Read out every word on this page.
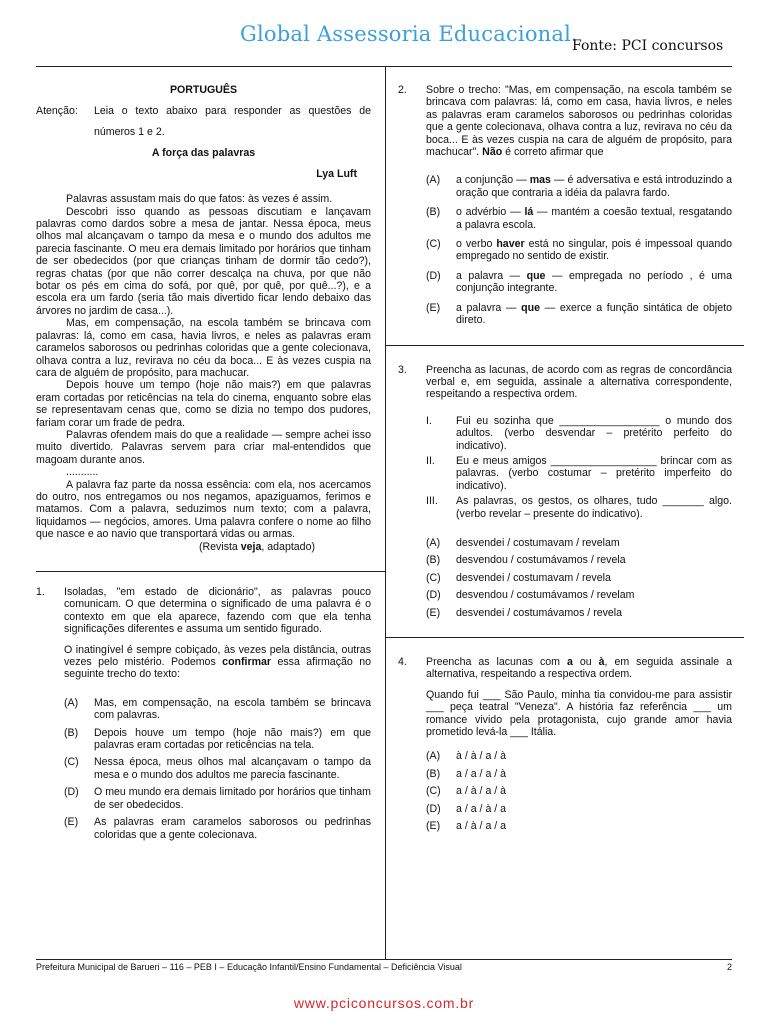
Global Assessoria Educacional.
Fonte: PCI concursos
PORTUGUÊS
Atenção:	Leia o texto abaixo para responder as questões de números 1 e 2.
A força das palavras
Lya Luft
Palavras assustam mais do que fatos: às vezes é assim.
Descobri isso quando as pessoas discutiam e lançavam palavras como dardos sobre a mesa de jantar. Nessa época, meus olhos mal alcançavam o tampo da mesa e o mundo dos adultos me parecia fascinante. O meu era demais limitado por horários que tinham de ser obedecidos (por que crianças tinham de dormir tão cedo?), regras chatas (por que não correr descalça na chuva, por que não botar os pés em cima do sofá, por quê, por quê, por quê...?), e a escola era um fardo (seria tão mais divertido ficar lendo debaixo das árvores no jardim de casa...).
Mas, em compensação, na escola também se brincava com palavras: lá, como em casa, havia livros, e neles as palavras eram caramelos saborosos ou pedrinhas coloridas que a gente colecionava, olhava contra a luz, revirava no céu da boca... E às vezes cuspia na cara de alguém de propósito, para machucar.
Depois houve um tempo (hoje não mais?) em que palavras eram cortadas por reticências na tela do cinema, enquanto sobre elas se representavam cenas que, como se dizia no tempo dos pudores, fariam corar um frade de pedra.
Palavras ofendem mais do que a realidade — sempre achei isso muito divertido. Palavras servem para criar mal-entendidos que magoam durante anos.
...........
A palavra faz parte da nossa essência: com ela, nos acercamos do outro, nos entregamos ou nos negamos, apaziguamos, ferimos e matamos. Com a palavra, seduzimos num texto; com a palavra, liquidamos — negócios, amores. Uma palavra confere o nome ao filho que nasce e ao navio que transportará vidas ou armas.
(Revista veja, adaptado)
1.	Isoladas, "em estado de dicionário", as palavras pouco comunicam. O que determina o significado de uma palavra é o contexto em que ela aparece, fazendo com que ela tenha significações diferentes e assuma um sentido figurado.
O inatingível é sempre cobiçado, às vezes pela distância, outras vezes pelo mistério. Podemos confirmar essa afirmação no seguinte trecho do texto:
(A)	Mas, em compensação, na escola também se brincava com palavras.
(B)	Depois houve um tempo (hoje não mais?) em que palavras eram cortadas por reticências na tela.
(C)	Nessa época, meus olhos mal alcançavam o tampo da mesa e o mundo dos adultos me parecia fascinante.
(D)	O meu mundo era demais limitado por horários que tinham de ser obedecidos.
(E)	As palavras eram caramelos saborosos ou pedrinhas coloridas que a gente colecionava.
2.	Sobre o trecho: "Mas, em compensação, na escola também se brincava com palavras: lá, como em casa, havia livros, e neles as palavras eram caramelos saborosos ou pedrinhas coloridas que a gente colecionava, olhava contra a luz, revirava no céu da boca... E às vezes cuspia na cara de alguém de propósito, para machucar". Não é correto afirmar que
(A)	a conjunção — mas — é adversativa e está introduzindo a oração que contraria a idéia da palavra fardo.
(B)	o advérbio — lá — mantém a coesão textual, resgatando a palavra escola.
(C)	o verbo haver está no singular, pois é impessoal quando empregado no sentido de existir.
(D)	a palavra — que — empregada no período , é uma conjunção integrante.
(E)	a palavra — que — exerce a função sintática de objeto direto.
3.	Preencha as lacunas, de acordo com as regras de concordância verbal e, em seguida, assinale a alternativa correspondente, respeitando a respectiva ordem.
I.	Fui eu sozinha que _________________ o mundo dos adultos. (verbo desvendar – pretérito perfeito do indicativo).
II.	Eu e meus amigos __________________ brincar com as palavras. (verbo costumar – pretérito imperfeito do indicativo).
III.	As palavras, os gestos, os olhares, tudo _______ algo. (verbo revelar – presente do indicativo).
(A)	desvendei / costumavam / revelam
(B)	desvendou / costumávamos / revela
(C)	desvendei / costumavam / revela
(D)	desvendou / costumávamos / revelam
(E)	desvendei / costumávamos / revela
4.	Preencha as lacunas com a ou à, em seguida assinale a alternativa, respeitando a respectiva ordem.
Quando fui ___ São Paulo, minha tia convidou-me para assistir ___ peça teatral "Veneza". A história faz referência ___ um romance vivido pela protagonista, cujo grande amor havia prometido levá-la ___ Itália.
(A)	à / à / a / à
(B)	a / a / a / à
(C)	a / à / a / à
(D)	a / a / à / a
(E)	a / à / a / a
Prefeitura Municipal de Barueri – 116 – PEB I – Educação Infantil/Ensino Fundamental – Deficiência Visual	2
www.pciconcursos.com.br
